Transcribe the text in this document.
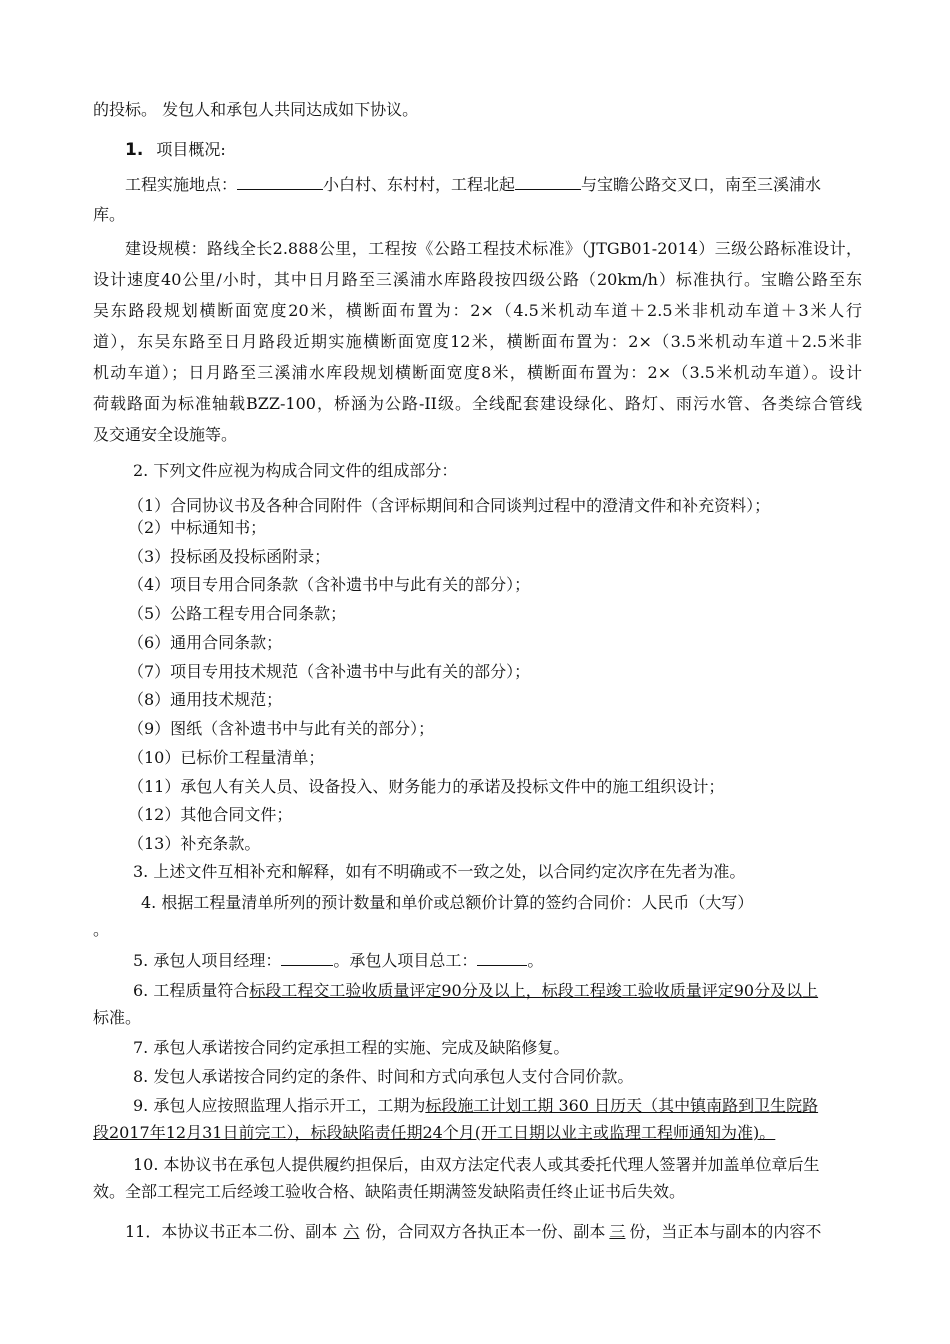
的投标。 发包人和承包人共同达成如下协议。
1. 项目概况:
工程实施地点：	小白村、东村村，工程北起	与宝瞻公路交叉口，南至三溪浦水
库。
建设规模：路线全长2.888公里，工程按《公路工程技术标准》（JTGB01-2014）三级公路标准设计，
设计速度40公里/小时，其中日月路至三溪浦水库路段按四级公路（20km/h）标准执行。宝瞻公路至东
吴东路段规划横断面宽度20米，横断面布置为：2×（4.5米机动车道＋2.5米非机动车道＋3米人行
道），东吴东路至日月路段近期实施横断面宽度12米，横断面布置为：2×（3.5米机动车道＋2.5米非
机动车道）；日月路至三溪浦水库段规划横断面宽度8米，横断面布置为：2×（3.5米机动车道）。设计
荷载路面为标准轴载BZZ-100，桥涵为公路-II级。全线配套建设绿化、路灯、雨污水管、各类综合管线
及交通安全设施等。
2. 下列文件应视为构成合同文件的组成部分：
（1）合同协议书及各种合同附件（含评标期间和合同谈判过程中的澄清文件和补充资料）；
（2）中标通知书；
（3）投标函及投标函附录；
（4）项目专用合同条款（含补遗书中与此有关的部分）；
（5）公路工程专用合同条款；
（6）通用合同条款；
（7）项目专用技术规范（含补遗书中与此有关的部分）；
（8）通用技术规范；
（9）图纸（含补遗书中与此有关的部分）；
（10）已标价工程量清单；
（11）承包人有关人员、设备投入、财务能力的承诺及投标文件中的施工组织设计；
（12）其他合同文件；
（13）补充条款。
3. 上述文件互相补充和解释，如有不明确或不一致之处，以合同约定次序在先者为准。
4. 根据工程量清单所列的预计数量和单价或总额价计算的签约合同价：人民币（大写）
。
5. 承包人项目经理：	。承包人项目总工：	。
6. 工程质量符合标段工程交工验收质量评定90分及以上，标段工程竣工验收质量评定90分及以上
标准。
7. 承包人承诺按合同约定承担工程的实施、完成及缺陷修复。
8. 发包人承诺按合同约定的条件、时间和方式向承包人支付合同价款。
9. 承包人应按照监理人指示开工，工期为标段施工计划工期 360 日历天（其中镇南路到卫生院路
段2017年12月31日前完工），标段缺陷责任期24个月(开工日期以业主或监理工程师通知为准)。
10. 本协议书在承包人提供履约担保后，由双方法定代表人或其委托代理人签署并加盖单位章后生
效。全部工程完工后经竣工验收合格、缺陷责任期满签发缺陷责任终止证书后失效。
11．本协议书正本二份、副本 六 份，合同双方各执正本一份、副本 三 份，当正本与副本的内容不
